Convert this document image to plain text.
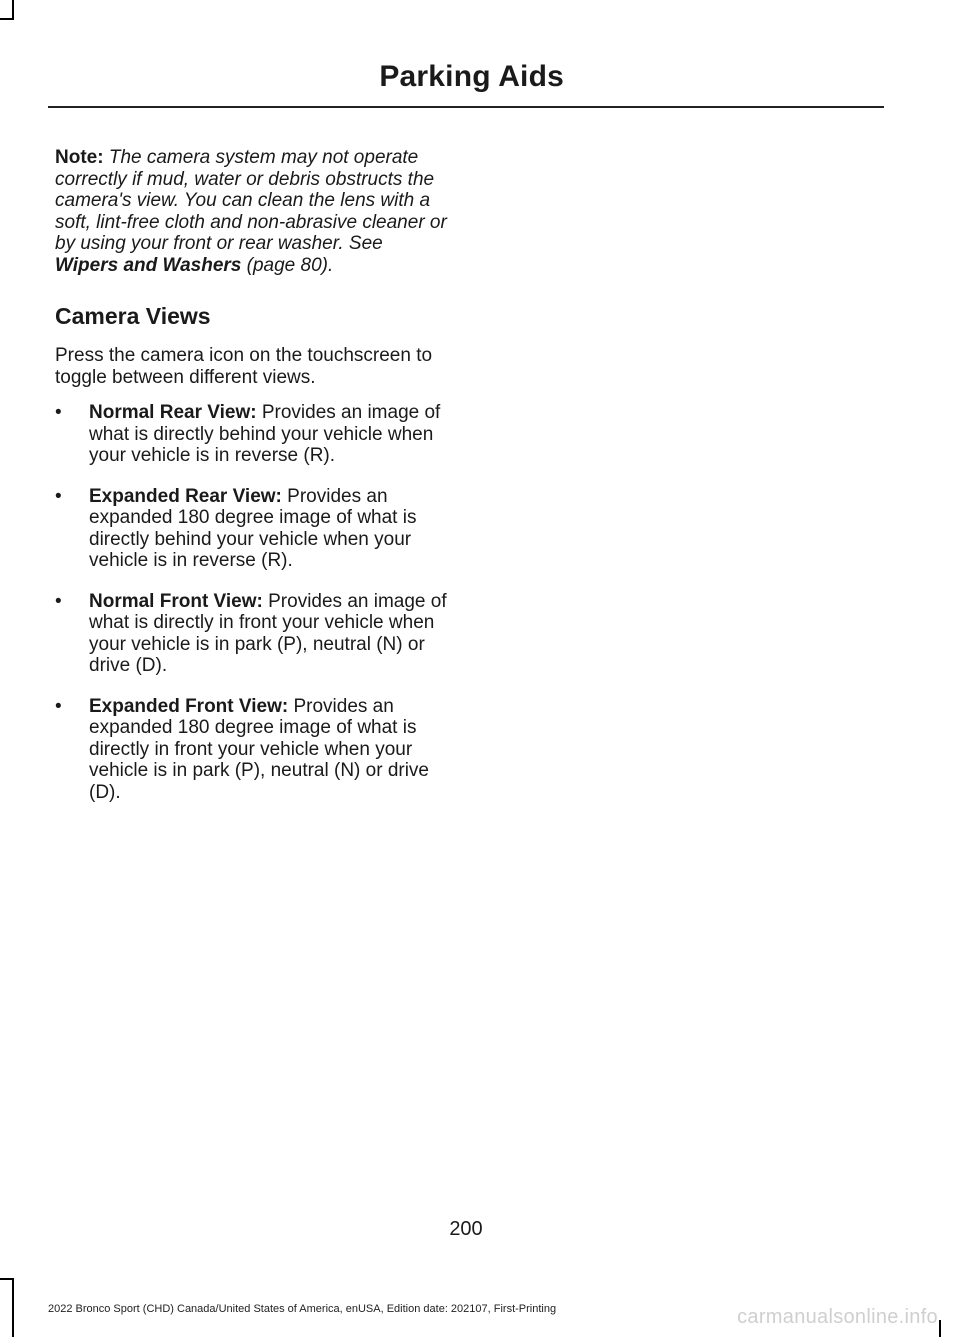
Parking Aids

Note: The camera system may not operate correctly if mud, water or debris obstructs the camera's view. You can clean the lens with a soft, lint-free cloth and non-abrasive cleaner or by using your front or rear washer. See Wipers and Washers (page 80).

Camera Views

Press the camera icon on the touchscreen to toggle between different views.

• Normal Rear View: Provides an image of what is directly behind your vehicle when your vehicle is in reverse (R).
• Expanded Rear View: Provides an expanded 180 degree image of what is directly behind your vehicle when your vehicle is in reverse (R).
• Normal Front View: Provides an image of what is directly in front your vehicle when your vehicle is in park (P), neutral (N) or drive (D).
• Expanded Front View: Provides an expanded 180 degree image of what is directly in front your vehicle when your vehicle is in park (P), neutral (N) or drive (D).
200
2022 Bronco Sport (CHD) Canada/United States of America, enUSA, Edition date: 202107, First-Printing	carmanualsonline.info
